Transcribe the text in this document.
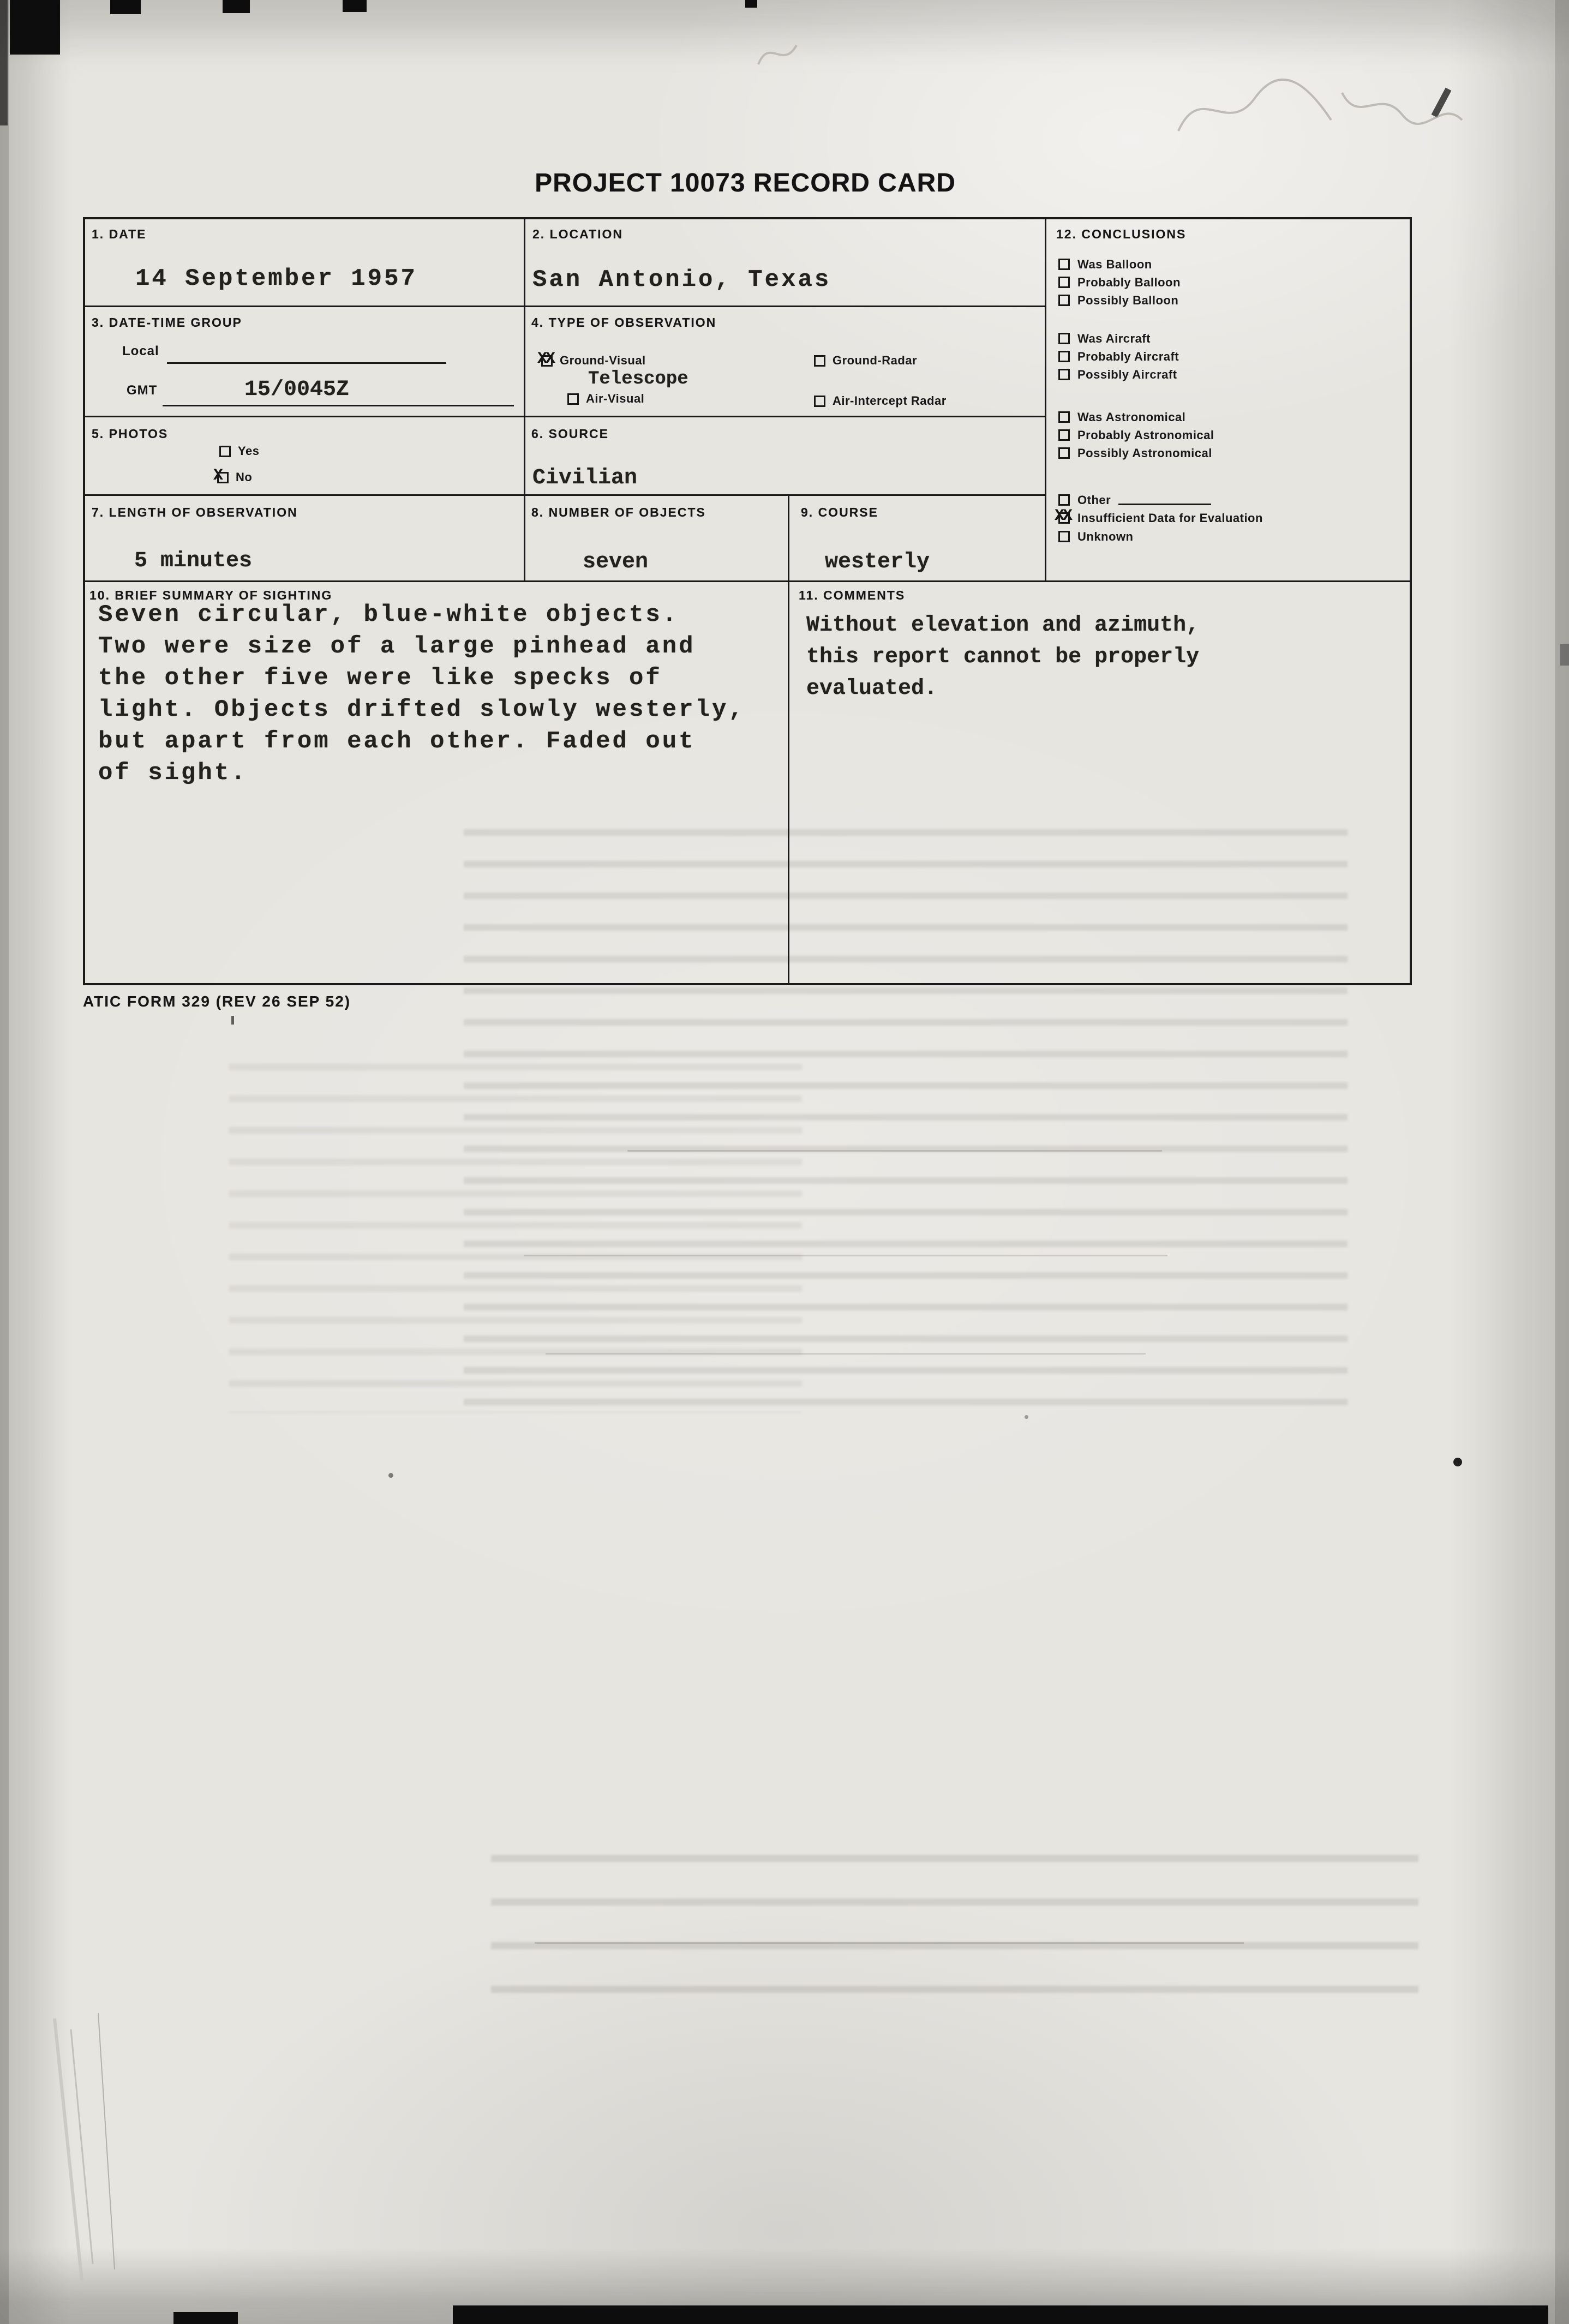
PROJECT 10073 RECORD CARD
1. DATE
14 September 1957
2. LOCATION
San Antonio, Texas
3. DATE-TIME GROUP
Local
GMT	15/0045Z
4. TYPE OF OBSERVATION
XX Ground-Visual	Ground-Radar
Telescope
Air-Visual	Air-Intercept Radar
5. PHOTOS
Yes
X No
6. SOURCE
Civilian
7. LENGTH OF OBSERVATION
5 minutes
8. NUMBER OF OBJECTS
seven
9. COURSE
westerly
10. BRIEF SUMMARY OF SIGHTING
Seven circular, blue-white objects.
Two were size of a large pinhead and
the other five were like specks of
light. Objects drifted slowly westerly,
but apart from each other. Faded out
of sight.
11. COMMENTS
Without elevation and azimuth,
this report cannot be properly
evaluated.
12. CONCLUSIONS
Was Balloon
Probably Balloon
Possibly Balloon
Was Aircraft
Probably Aircraft
Possibly Aircraft
Was Astronomical
Probably Astronomical
Possibly Astronomical
Other
XX Insufficient Data for Evaluation
Unknown
ATIC FORM 329 (REV 26 SEP 52)
